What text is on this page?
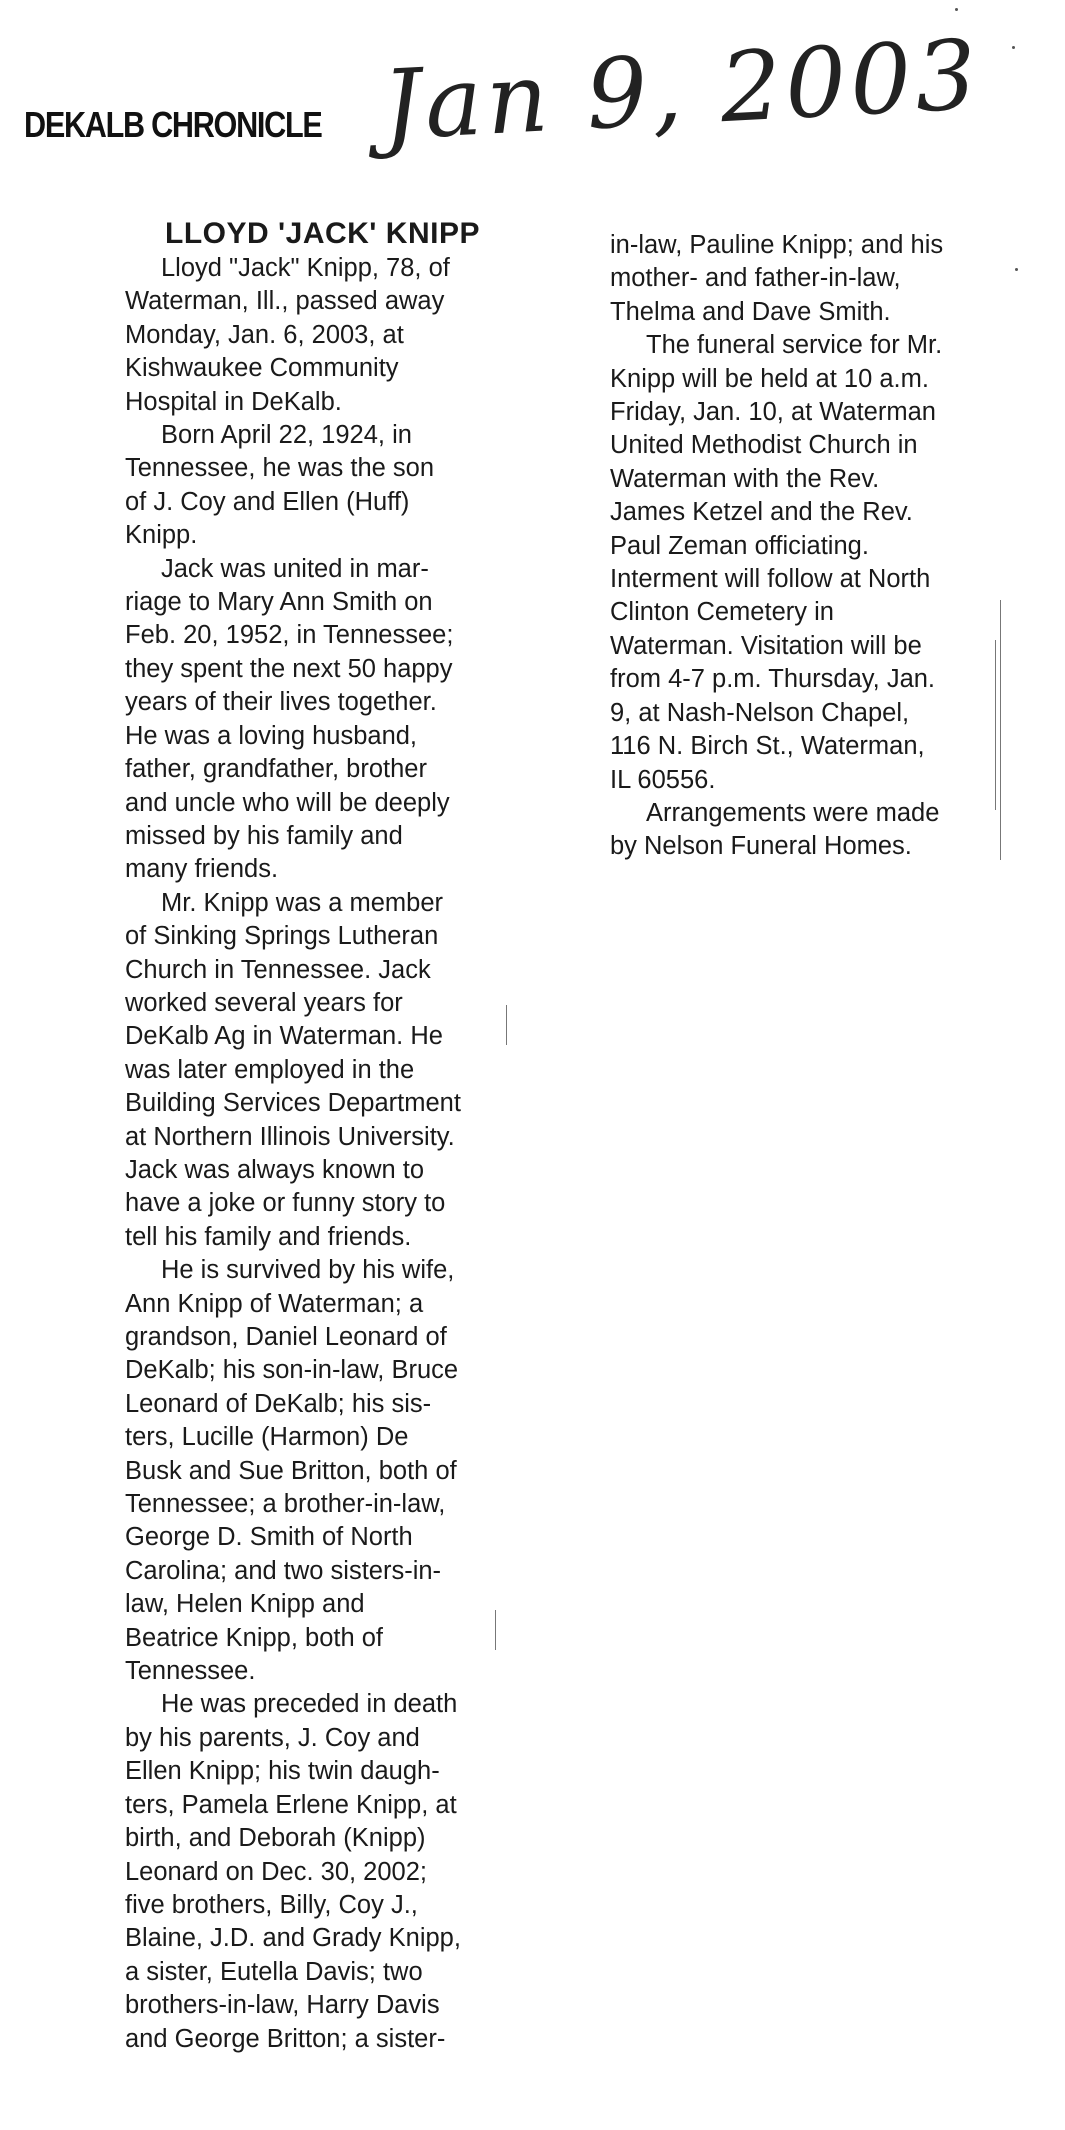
DEKALB CHRONICLE Jan 9, 2003
LLOYD 'JACK' KNIPP

Lloyd "Jack" Knipp, 78, of
Waterman, Ill., passed away
Monday, Jan. 6, 2003, at
Kishwaukee Community
Hospital in DeKalb.

Born April 22, 1924, in
Tennessee, he was the son
of J. Coy and Ellen (Huff)
Knipp.

Jack was united in mar-
riage to Mary Ann Smith on
Feb. 20, 1952, in Tennessee;
they spent the next 50 happy
years of their lives together.
He was a loving husband,
father, grandfather, brother
and uncle who will be deeply
missed by his family and
many friends.

Mr. Knipp was a member
of Sinking Springs Lutheran
Church in Tennessee. Jack
worked several years for
DeKalb Ag in Waterman. He
was later employed in the
Building Services Department
at Northern Illinois University.
Jack was always known to
have a joke or funny story to
tell his family and friends.

He is survived by his wife,
Ann Knipp of Waterman; a
grandson, Daniel Leonard of
DeKalb; his son-in-law, Bruce
Leonard of DeKalb; his sis-
ters, Lucille (Harmon) De
Busk and Sue Britton, both of
Tennessee; a brother-in-law,
George D. Smith of North
Carolina; and two sisters-in-
law, Helen Knipp and
Beatrice Knipp, both of
Tennessee.

He was preceded in death
by his parents, J. Coy and
Ellen Knipp; his twin daugh-
ters, Pamela Erlene Knipp, at
birth, and Deborah (Knipp)
Leonard on Dec. 30, 2002;
five brothers, Billy, Coy J.,
Blaine, J.D. and Grady Knipp,
a sister, Eutella Davis; two
brothers-in-law, Harry Davis
and George Britton; a sister-

in-law, Pauline Knipp; and his
mother- and father-in-law,
Thelma and Dave Smith.

The funeral service for Mr.
Knipp will be held at 10 a.m.
Friday, Jan. 10, at Waterman
United Methodist Church in
Waterman with the Rev.
James Ketzel and the Rev.
Paul Zeman officiating.
Interment will follow at North
Clinton Cemetery in
Waterman. Visitation will be
from 4-7 p.m. Thursday, Jan.
9, at Nash-Nelson Chapel,
116 N. Birch St., Waterman,
IL 60556.

Arrangements were made
by Nelson Funeral Homes.
